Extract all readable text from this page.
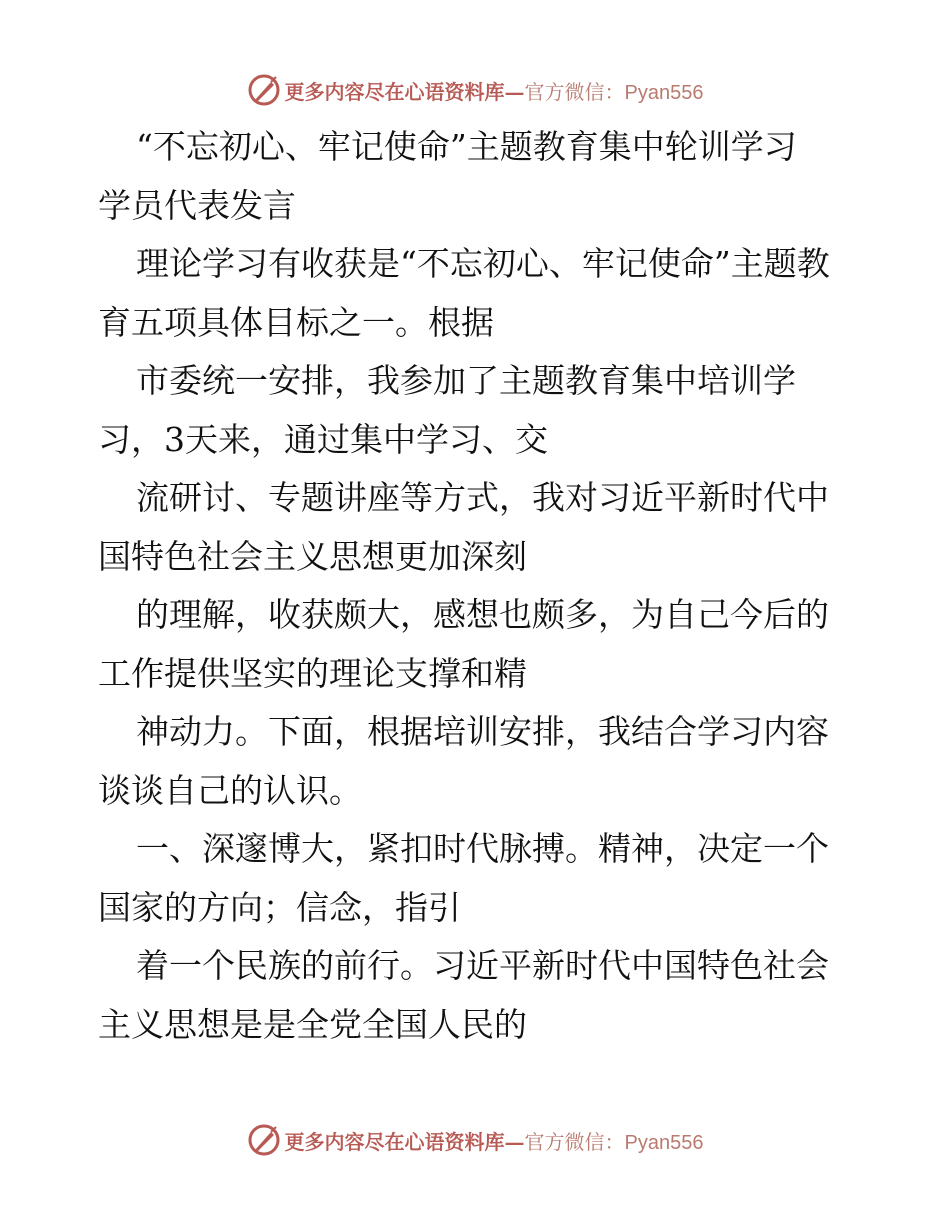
更多内容尽在心语资料库— 官方微信：Pyan556

“不忘初心、牢记使命”主题教育集中轮训学习

学员代表发言

理论学习有收获是“不忘初心、牢记使命”主题教育五项具体目标之一。根据

市委统一安排，我参加了主题教育集中培训学习，3天来，通过集中学习、交

流研讨、专题讲座等方式，我对习近平新时代中国特色社会主义思想更加深刻

的理解，收获颇大，感想也颇多，为自己今后的工作提供坚实的理论支撑和精

神动力。下面，根据培训安排，我结合学习内容谈谈自己的认识。

一、深邃博大，紧扣时代脉搏。精神，决定一个国家的方向；信念，指引

着一个民族的前行。习近平新时代中国特色社会主义思想是是全党全国人民的

更多内容尽在心语资料库— 官方微信：Pyan556
